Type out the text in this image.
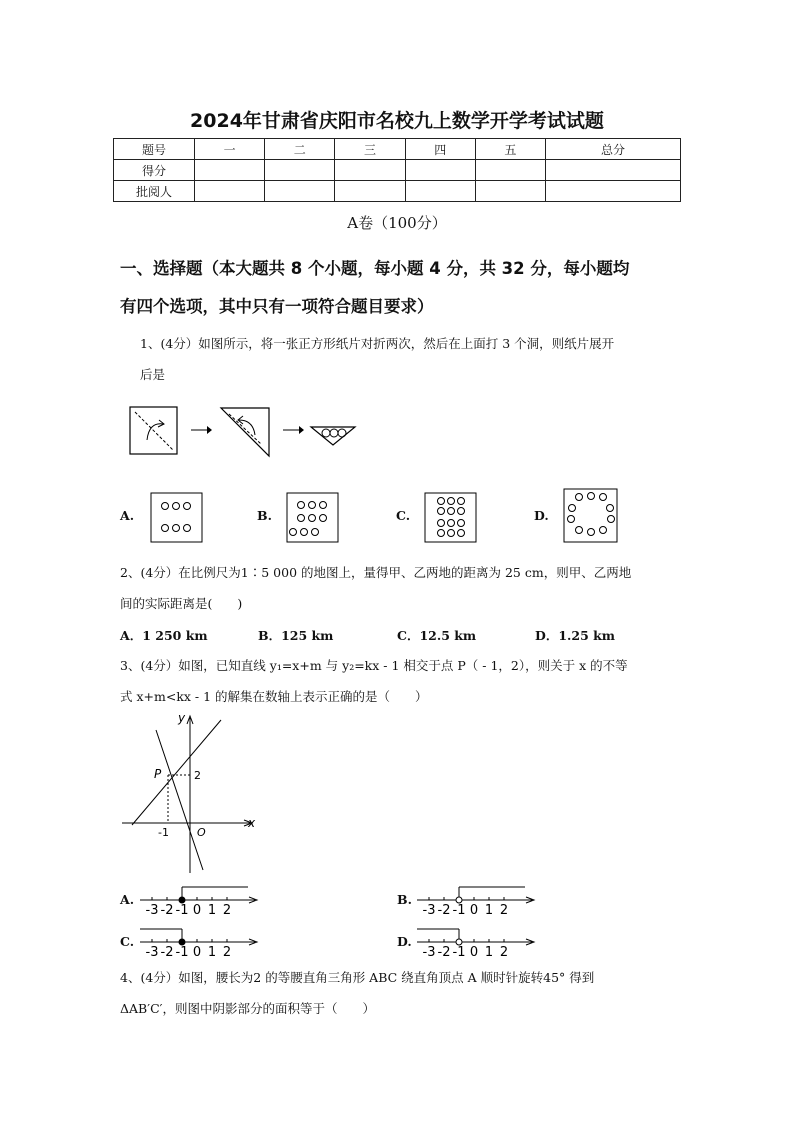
2024年甘肃省庆阳市名校九上数学开学考试试题
题号	一	二	三	四	五	总分
得分						
批阅人						
A卷（100分）
一、选择题（本大题共 8 个小题，每小题 4 分，共 32 分，每小题均
有四个选项，其中只有一项符合题目要求）
1、(4分）如图所示，将一张正方形纸片对折两次，然后在上面打 3 个洞，则纸片展开
后是
A.	B.	C.	D.
2、(4分）在比例尺为1∶5 000 的地图上，量得甲、乙两地的距离为 25 cm，则甲、乙两地
间的实际距离是(　　)
A．1 250 km	B．125 km	C．12.5 km	D．1.25 km
3、(4分）如图，已知直线 y₁=x+m 与 y₂=kx - 1 相交于点 P（ - 1，2），则关于 x 的不等
式 x+m<kx - 1 的解集在数轴上表示正确的是（　　）
y
x
P	2
-1	O
A.	B.
C.	D.
-3 -2 -1 0 1 2	-3 -2 -1 0 1 2
-3 -2 -1 0 1 2	-3 -2 -1 0 1 2
4、(4分）如图，腰长为2 的等腰直角三角形 ABC 绕直角顶点 A 顺时针旋转45° 得到
ΔAB′C′，则图中阴影部分的面积等于（　　）
